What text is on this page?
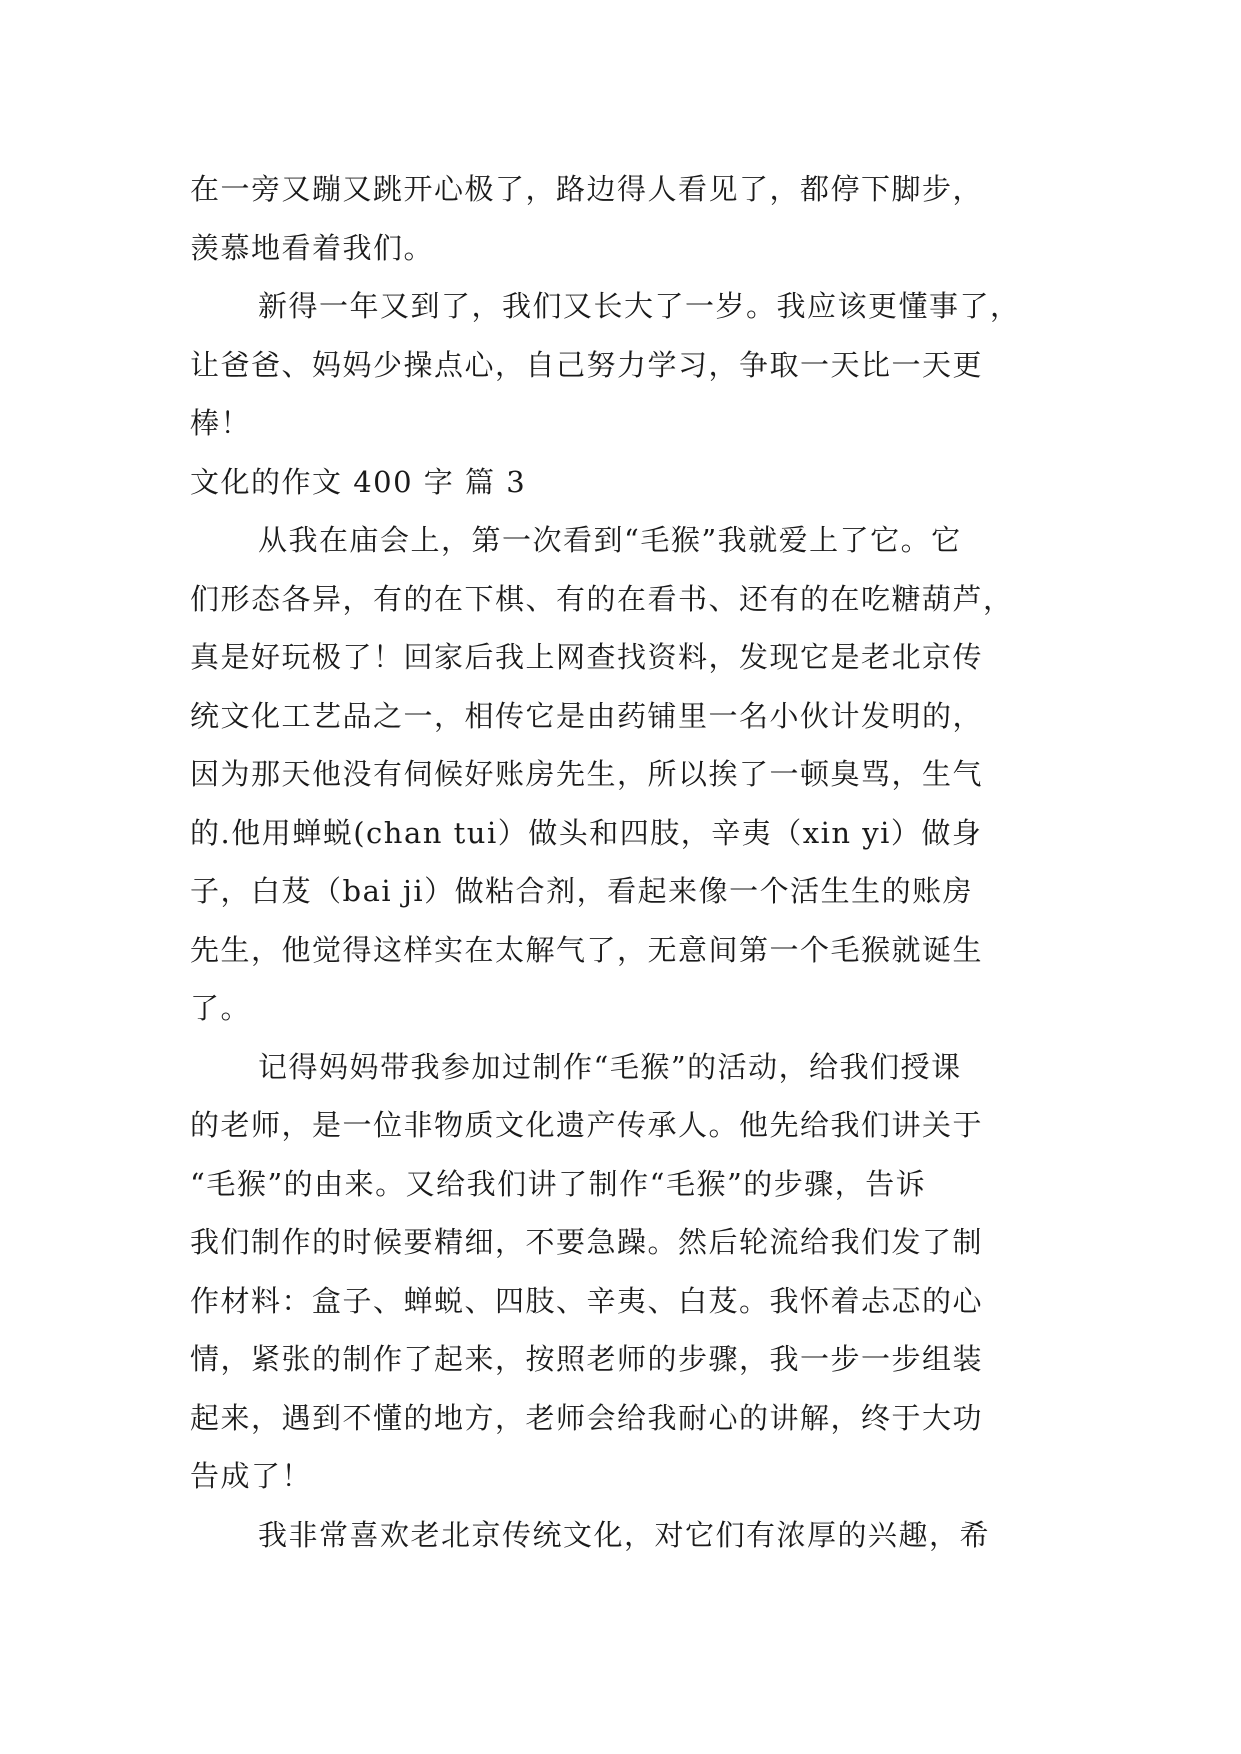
在一旁又蹦又跳开心极了，路边得人看见了，都停下脚步，
羡慕地看着我们。
新得一年又到了，我们又长大了一岁。我应该更懂事了，
让爸爸、妈妈少操点心，自己努力学习，争取一天比一天更
棒！
文化的作文 400 字 篇 3
从我在庙会上，第一次看到“毛猴”我就爱上了它。它
们形态各异，有的在下棋、有的在看书、还有的在吃糖葫芦，
真是好玩极了！回家后我上网查找资料，发现它是老北京传
统文化工艺品之一，相传它是由药铺里一名小伙计发明的，
因为那天他没有伺候好账房先生，所以挨了一顿臭骂，生气
的.他用蝉蜕(chan tui）做头和四肢，辛夷（xin yi）做身
子，白芨（bai ji）做粘合剂，看起来像一个活生生的账房
先生，他觉得这样实在太解气了，无意间第一个毛猴就诞生
了。
记得妈妈带我参加过制作“毛猴”的活动，给我们授课
的老师，是一位非物质文化遗产传承人。他先给我们讲关于
“毛猴”的由来。又给我们讲了制作“毛猴”的步骤，告诉
我们制作的时候要精细，不要急躁。然后轮流给我们发了制
作材料：盒子、蝉蜕、四肢、辛夷、白芨。我怀着忐忑的心
情，紧张的制作了起来，按照老师的步骤，我一步一步组装
起来，遇到不懂的地方，老师会给我耐心的讲解，终于大功
告成了！
我非常喜欢老北京传统文化，对它们有浓厚的兴趣，希
